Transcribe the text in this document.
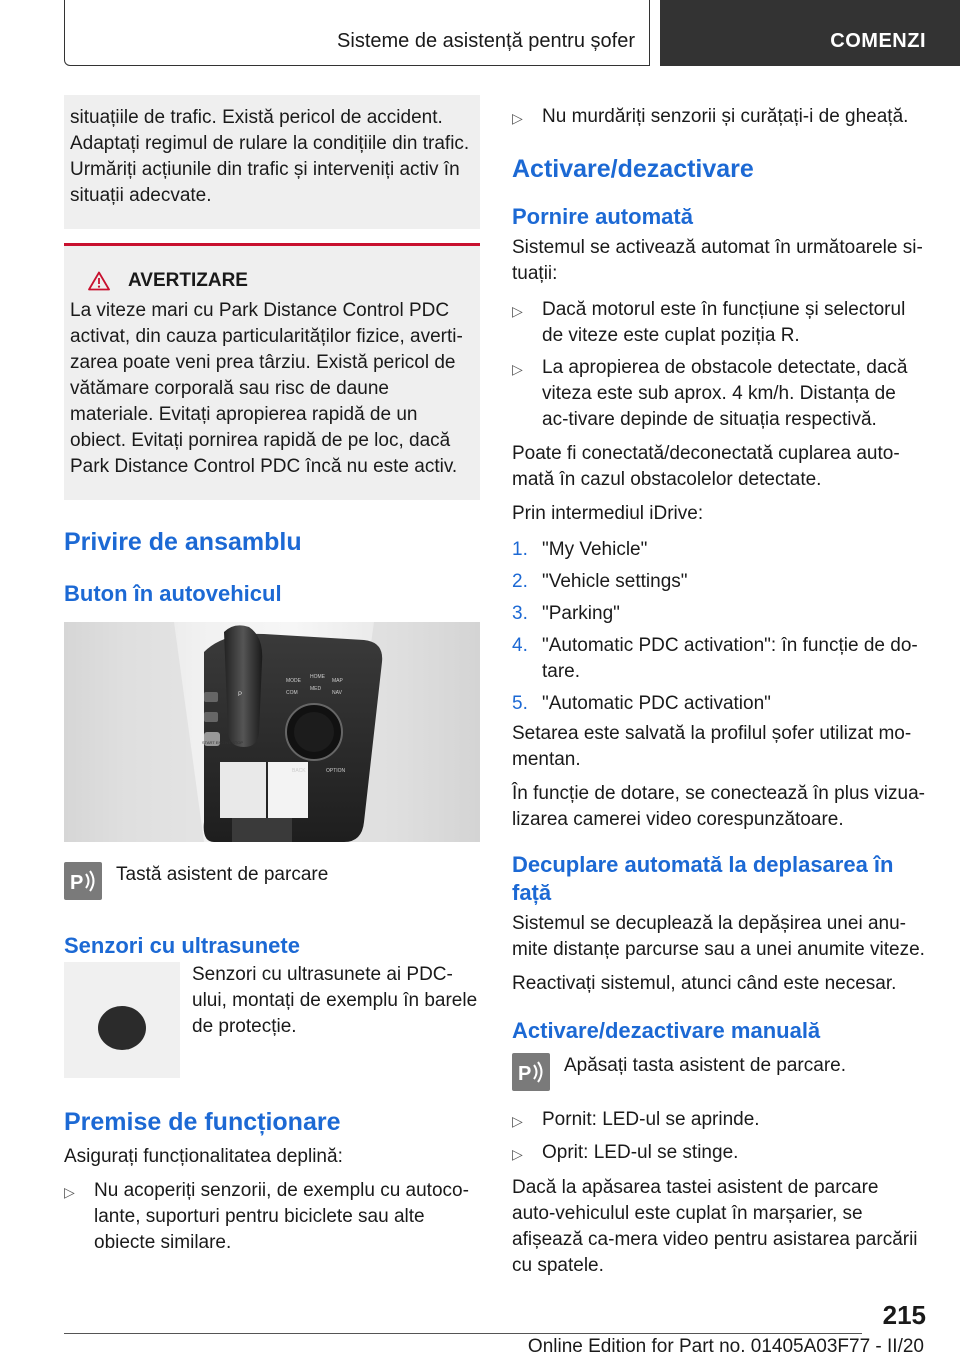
Sisteme de asistență pentru șofer	COMENZI

situațiile de trafic. Există pericol de accident. Adaptați regimul de rulare la condițiile din trafic. Urmăriți acțiunile din trafic și interveniți activ în situații adecvate.

AVERTIZARE

La viteze mari cu Park Distance Control PDC activat, din cauza particularităților fizice, averti-zarea poate veni prea târziu. Există pericol de vătămare corporală sau risc de daune materiale. Evitați apropierea rapidă de un obiect. Evitați pornirea rapidă de pe loc, dacă Park Distance Control PDC încă nu este activ.

Privire de ansamblu
Buton în autovehicul
MODE
HOME
MAP
COM
MED
NAV
START ENGINE STOP
BACK	OPTION
P
P Tastă asistent de parcare

Senzori cu ultrasunete

Senzori cu ultrasunete ai PDC-ului, montați de exemplu în barele de protecție.

Premise de funcționare

Asigurați funcționalitatea deplină:

▷	Nu acoperiți senzorii, de exemplu cu autoco-lante, suporturi pentru biciclete sau alte obiecte similare.
▷	Nu murdăriți senzorii și curățați-i de gheață.
Activare/dezactivare
Pornire automată

Sistemul se activează automat în următoarele si-tuații:

▷	Dacă motorul este în funcțiune și selectorul de viteze este cuplat poziția R.
▷	La apropierea de obstacole detectate, dacă viteza este sub aprox. 4 km/h. Distanța de ac-tivare depinde de situația respectivă.

Poate fi conectată/deconectată cuplarea auto-mată în cazul obstacolelor detectate.

Prin intermediul iDrive:

1. "My Vehicle"
2. "Vehicle settings"
3. "Parking"
4. "Automatic PDC activation": în funcție de do-tare.
5. "Automatic PDC activation"

Setarea este salvată la profilul șofer utilizat mo-mentan.

În funcție de dotare, se conectează în plus vizua-lizarea camerei video corespunzătoare.

Decuplare automată la deplasarea în față

Sistemul se decuplează la depășirea unei anu-mite distanțe parcurse sau a unei anumite viteze.

Reactivați sistemul, atunci când este necesar.

Activare/dezactivare manuală
P Apăsați tasta asistent de parcare.

▷	Pornit: LED-ul se aprinde.
▷	Oprit: LED-ul se stinge.

Dacă la apăsarea tastei asistent de parcare auto-vehiculul este cuplat în marșarier, se afișează ca-mera video pentru asistarea parcării cu spatele.

215
Online Edition for Part no. 01405A03F77 - II/20
